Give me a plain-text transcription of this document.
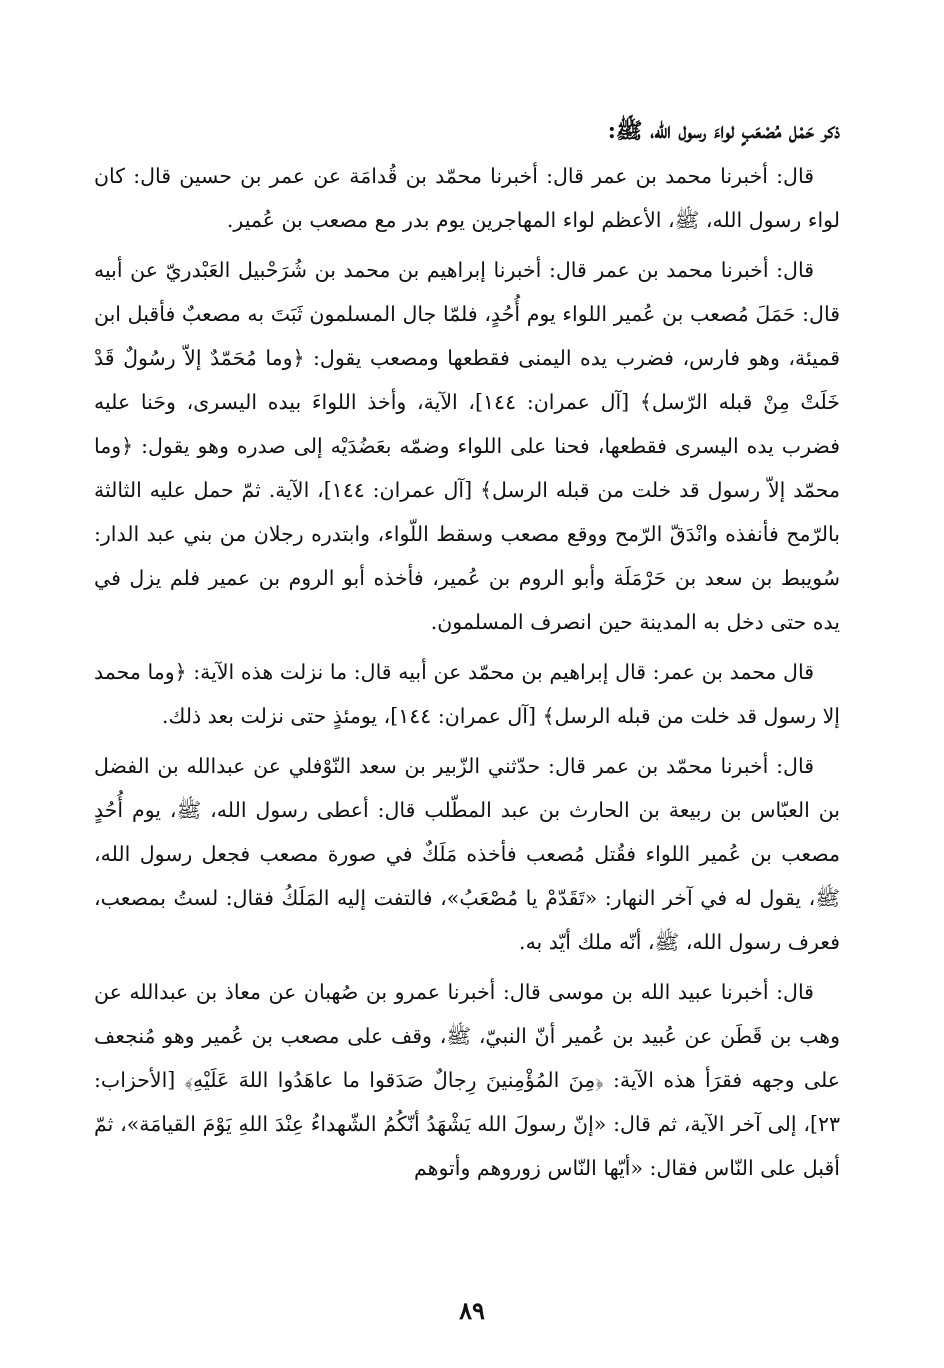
ذكر حَمْل مُصْعَبٍ لواءَ رسول الله، ﷺ:

قال: أخبرنا محمد بن عمر قال: أخبرنا محمّد بن قُدامَة عن عمر بن حسين قال: كان لواء رسول الله، ﷺ، الأعظم لواء المهاجرين يوم بدر مع مصعب بن عُمير.

قال: أخبرنا محمد بن عمر قال: أخبرنا إبراهيم بن محمد بن شُرَحْبيل العَبْدريّ عن أبيه قال: حَمَلَ مُصعب بن عُمير اللواء يوم أُحُدٍ، فلمّا جال المسلمون ثَبَتَ به مصعبٌ فأقبل ابن قميئة، وهو فارس، فضرب يده اليمنى فقطعها ومصعب يقول: ﴿وما مُحَمّدٌ إلاّ رسُولٌ قَدْ خَلَتْ مِنْ قبله الرّسل﴾ [آل عمران: ١٤٤]، الآية، وأخذ اللواءَ بيده اليسرى، وحَنا عليه فضرب يده اليسرى فقطعها، فحنا على اللواء وضمّه بعَضُدَيْه إلى صدره وهو يقول: ﴿وما محمّد إلاّ رسول قد خلت من قبله الرسل﴾ [آل عمران: ١٤٤]، الآية. ثمّ حمل عليه الثالثة بالرّمح فأنفذه وانْدَقّ الرّمح ووقع مصعب وسقط اللّواء، وابتدره رجلان من بني عبد الدار: سُويبط بن سعد بن حَرْمَلَة وأبو الروم بن عُمير، فأخذه أبو الروم بن عمير فلم يزل في يده حتى دخل به المدينة حين انصرف المسلمون.

قال محمد بن عمر: قال إبراهيم بن محمّد عن أبيه قال: ما نزلت هذه الآية: ﴿وما محمد إلا رسول قد خلت من قبله الرسل﴾ [آل عمران: ١٤٤]، يومئذٍ حتى نزلت بعد ذلك.

قال: أخبرنا محمّد بن عمر قال: حدّثني الزّبير بن سعد النّوْفلي عن عبدالله بن الفضل بن العبّاس بن ربيعة بن الحارث بن عبد المطّلب قال: أعطى رسول الله، ﷺ، يوم أُحُدٍ مصعب بن عُمير اللواء فقُتل مُصعب فأخذه مَلَكٌ في صورة مصعب فجعل رسول الله، ﷺ، يقول له في آخر النهار: «تَقَدّمْ يا مُصْعَبُ»، فالتفت إليه المَلَكُ فقال: لستُ بمصعب، فعرف رسول الله، ﷺ، أنّه ملك أيّد به.

قال: أخبرنا عبيد الله بن موسى قال: أخبرنا عمرو بن صُهبان عن معاذ بن عبدالله عن وهب بن قَطَن عن عُبيد بن عُمير أنّ النبيّ، ﷺ، وقف على مصعب بن عُمير وهو مُنجعف على وجهه فقرَأ هذه الآية: ﴿مِنَ المُؤْمِنينَ رِجالٌ صَدَقوا ما عاهَدُوا اللهَ عَلَيْهِ﴾ [الأحزاب: ٢٣]، إلى آخر الآية، ثم قال: «إنّ رسولَ الله يَشْهَدُ أنّكُمُ الشّهداءُ عِنْدَ اللهِ يَوْمَ القيامَة»، ثمّ أقبل على النّاس فقال: «أيّها النّاس زوروهم وأتوهم

٨٩
